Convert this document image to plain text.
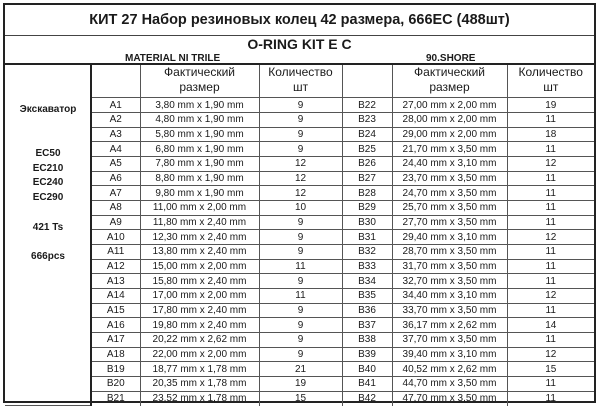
КИТ 27 Набор резиновых колец 42 размера, 666EC (488шт)
O-RING KIT E C
MATERIAL NI TRILE	90.SHORE
Экскаватор
EC50
EC210
EC240
EC290
421 Ts
666pcs
		Фактический
размер	Количество
шт		Фактический
размер	Количество
шт
	A1	3,80 mm x 1,90 mm	9	B22	27,00 mm x 2,00 mm	19
	A2	4,80 mm x 1,90 mm	9	B23	28,00 mm x 2,00 mm	11
	A3	5,80 mm x 1,90 mm	9	B24	29,00 mm x 2,00 mm	18
	A4	6,80 mm x 1,90 mm	9	B25	21,70 mm x 3,50 mm	11
	A5	7,80 mm x 1,90 mm	12	B26	24,40 mm x 3,10 mm	12
	A6	8,80 mm x 1,90 mm	12	B27	23,70 mm x 3,50 mm	11
	A7	9,80 mm x 1,90 mm	12	B28	24,70 mm x 3,50 mm	11
	A8	11,00 mm x 2,00 mm	10	B29	25,70 mm x 3,50 mm	11
	A9	11,80 mm x 2,40 mm	9	B30	27,70 mm x 3,50 mm	11
	A10	12,30 mm x 2,40 mm	9	B31	29,40 mm x 3,10 mm	12
	A11	13,80 mm x 2,40 mm	9	B32	28,70 mm x 3,50 mm	11
	A12	15,00 mm x 2,00 mm	11	B33	31,70 mm x 3,50 mm	11
	A13	15,80 mm x 2,40 mm	9	B34	32,70 mm x 3,50 mm	11
	A14	17,00 mm x 2,00 mm	11	B35	34,40 mm x 3,10 mm	12
	A15	17,80 mm x 2,40 mm	9	B36	33,70 mm x 3,50 mm	11
	A16	19,80 mm x 2,40 mm	9	B37	36,17 mm x 2,62 mm	14
	A17	20,22 mm x 2,62 mm	9	B38	37,70 mm x 3,50 mm	11
	A18	22,00 mm x 2,00 mm	9	B39	39,40 mm x 3,10 mm	12
	B19	18,77 mm x 1,78 mm	21	B40	40,52 mm x 2,62 mm	15
	B20	20,35 mm x 1,78 mm	19	B41	44,70 mm x 3,50 mm	11
	B21	23,52 mm x 1,78 mm	15	B42	47,70 mm x 3,50 mm	11
